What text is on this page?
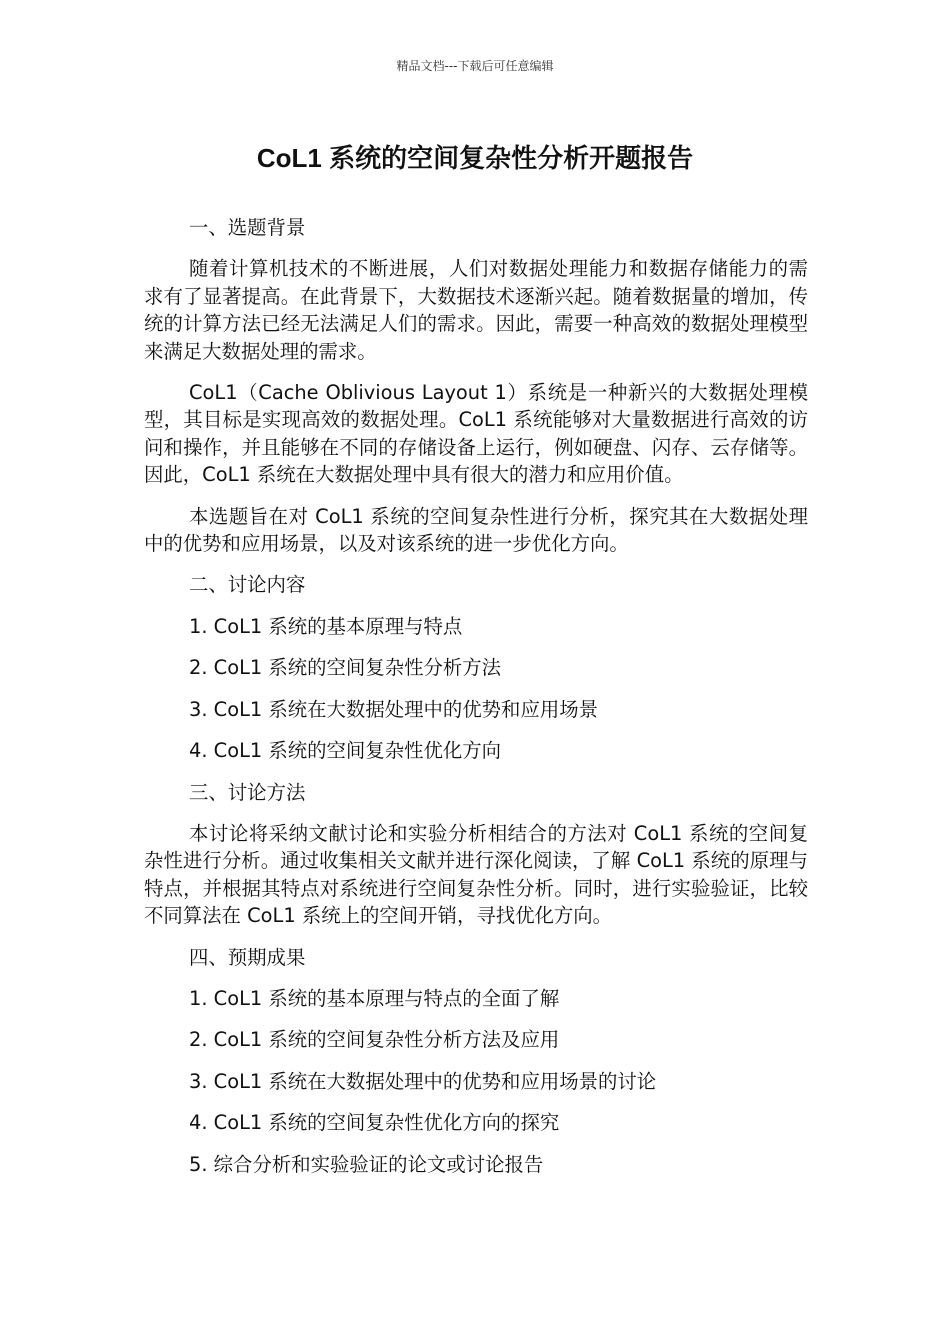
精品文档---下载后可任意编辑
CoL1 系统的空间复杂性分析开题报告
一、选题背景
随着计算机技术的不断进展，人们对数据处理能力和数据存储能力的需求有了显著提高。在此背景下，大数据技术逐渐兴起。随着数据量的增加，传统的计算方法已经无法满足人们的需求。因此，需要一种高效的数据处理模型来满足大数据处理的需求。
CoL1（Cache Oblivious Layout 1）系统是一种新兴的大数据处理模型，其目标是实现高效的数据处理。CoL1 系统能够对大量数据进行高效的访问和操作，并且能够在不同的存储设备上运行，例如硬盘、闪存、云存储等。因此，CoL1 系统在大数据处理中具有很大的潜力和应用价值。
本选题旨在对 CoL1 系统的空间复杂性进行分析，探究其在大数据处理中的优势和应用场景，以及对该系统的进一步优化方向。
二、讨论内容
1. CoL1 系统的基本原理与特点
2. CoL1 系统的空间复杂性分析方法
3. CoL1 系统在大数据处理中的优势和应用场景
4. CoL1 系统的空间复杂性优化方向
三、讨论方法
本讨论将采纳文献讨论和实验分析相结合的方法对 CoL1 系统的空间复杂性进行分析。通过收集相关文献并进行深化阅读，了解 CoL1 系统的原理与特点，并根据其特点对系统进行空间复杂性分析。同时，进行实验验证，比较不同算法在 CoL1 系统上的空间开销，寻找优化方向。
四、预期成果
1. CoL1 系统的基本原理与特点的全面了解
2. CoL1 系统的空间复杂性分析方法及应用
3. CoL1 系统在大数据处理中的优势和应用场景的讨论
4. CoL1 系统的空间复杂性优化方向的探究
5. 综合分析和实验验证的论文或讨论报告
